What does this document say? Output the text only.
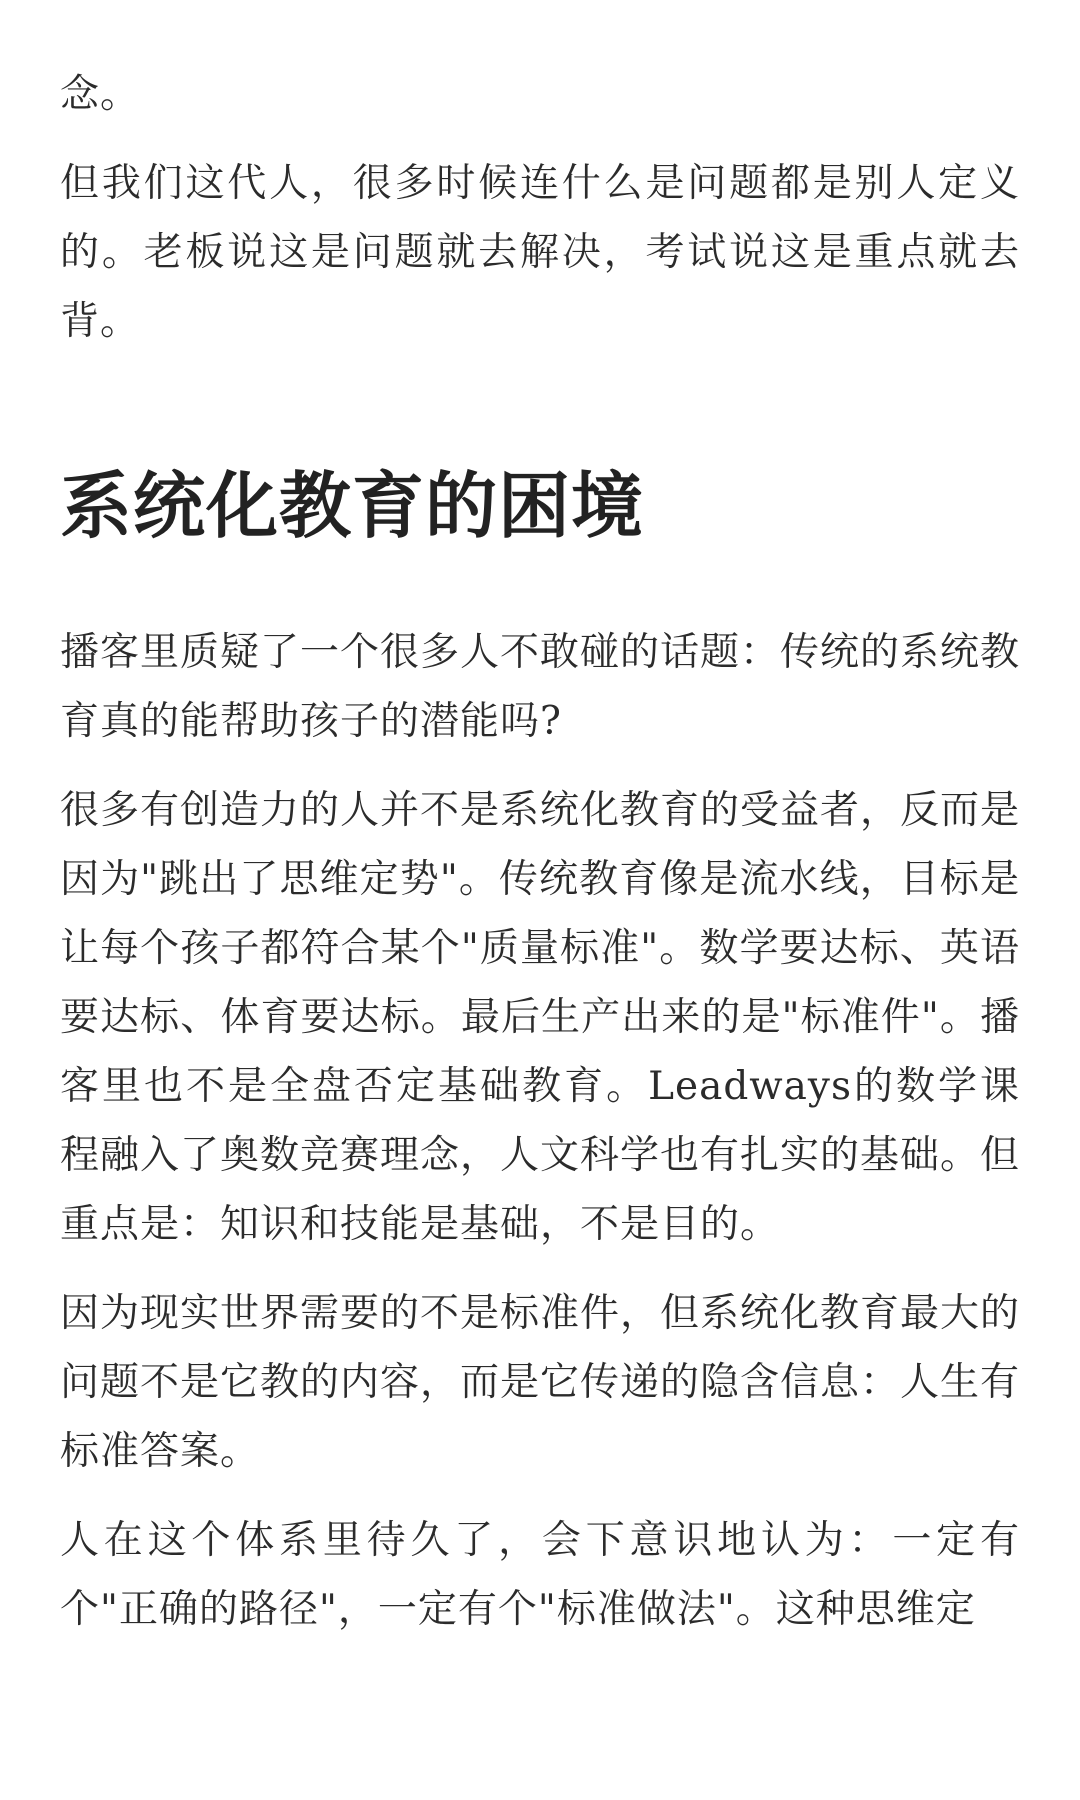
念。

但我们这代人，很多时候连什么是问题都是别人定义的。老板说这是问题就去解决，考试说这是重点就去背。

系统化教育的困境

播客里质疑了一个很多人不敢碰的话题：传统的系统教育真的能帮助孩子的潜能吗?

很多有创造力的人并不是系统化教育的受益者，反而是因为"跳出了思维定势"。传统教育像是流水线，目标是让每个孩子都符合某个"质量标准"。数学要达标、英语要达标、体育要达标。最后生产出来的是"标准件"。播客里也不是全盘否定基础教育。Leadways的数学课程融入了奥数竞赛理念，人文科学也有扎实的基础。但重点是：知识和技能是基础，不是目的。

因为现实世界需要的不是标准件，但系统化教育最大的问题不是它教的内容，而是它传递的隐含信息：人生有标准答案。

人在这个体系里待久了，会下意识地认为：一定有个"正确的路径"，一定有个"标准做法"。这种思维定
